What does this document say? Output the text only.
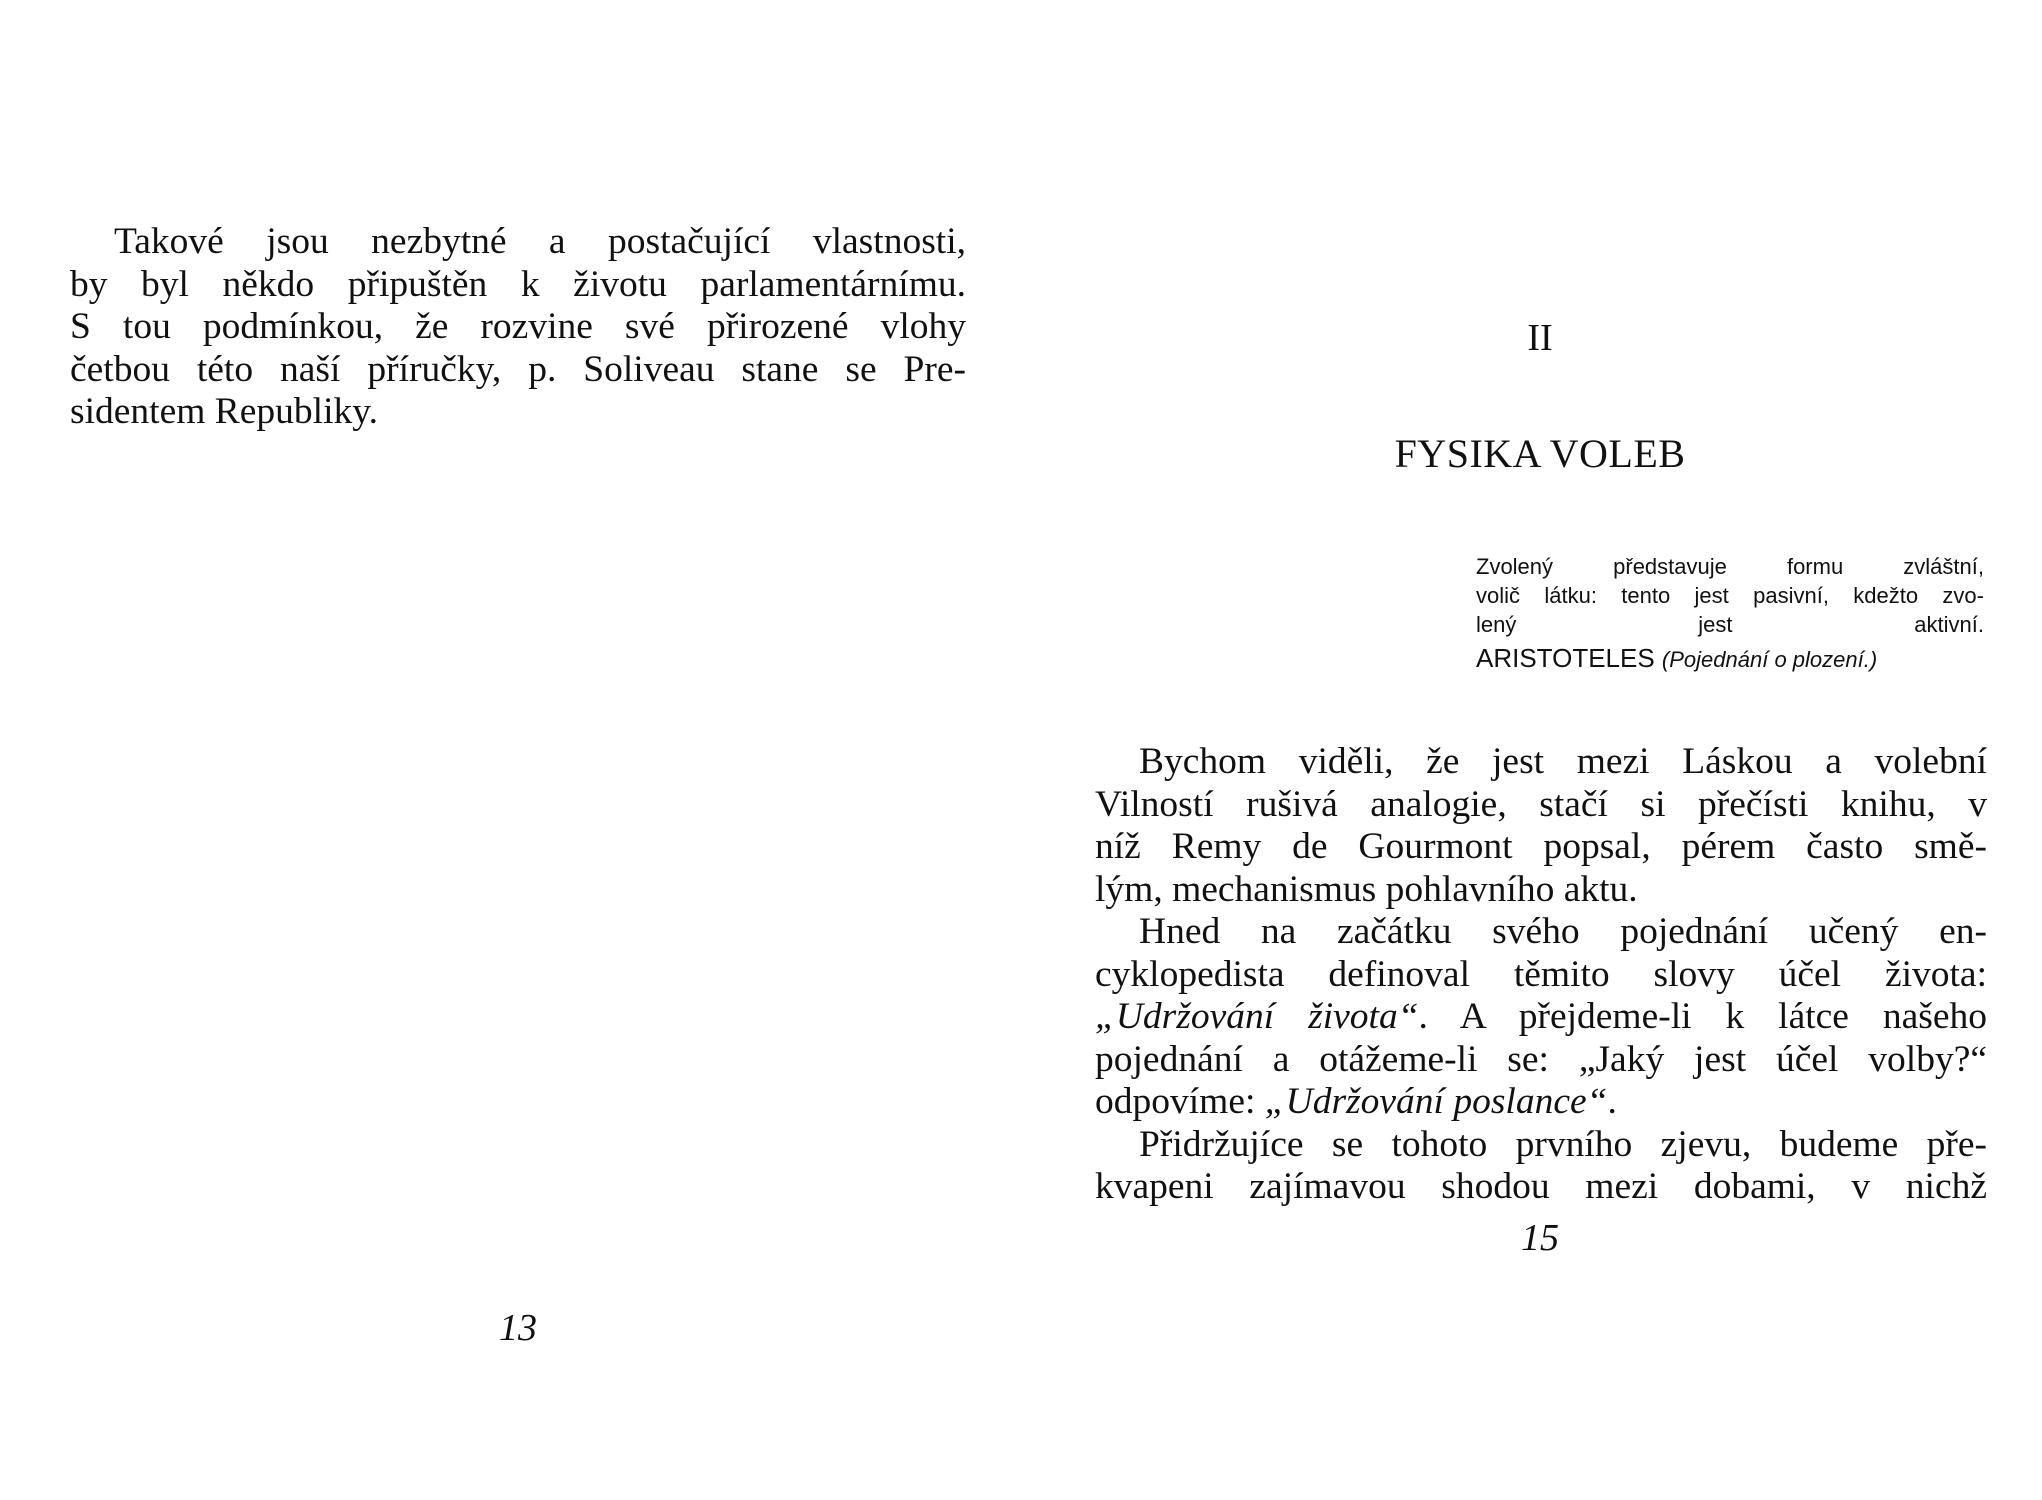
Takové jsou nezbytné a postačující vlastnosti,
by byl někdo připuštěn k životu parlamentárnímu.
S tou podmínkou, že rozvine své přirozené vlohy
četbou této naší příručky, p. Soliveau stane se Pre-
sidentem Republiky.

13

II

FYSIKA VOLEB
Zvolený představuje formu zvláštní,
volič látku: tento jest pasivní, kdežto zvo-
lený jest aktivní.
ARISTOTELES (Pojednání o plození.)
Bychom viděli, že jest mezi Láskou a volební
Vilností rušivá analogie, stačí si přečísti knihu, v
níž Remy de Gourmont popsal, pérem často smě-
lým, mechanismus pohlavního aktu.
Hned na začátku svého pojednání učený en-
cyklopedista definoval těmito slovy účel života:
„Udržování života“. A přejdeme-li k látce našeho
pojednání a otážeme-li se: „Jaký jest účel volby?“
odpovíme: „Udržování poslance“.
Přidržujíce se tohoto prvního zjevu, budeme pře-
kvapeni zajímavou shodou mezi dobami, v nichž

15
